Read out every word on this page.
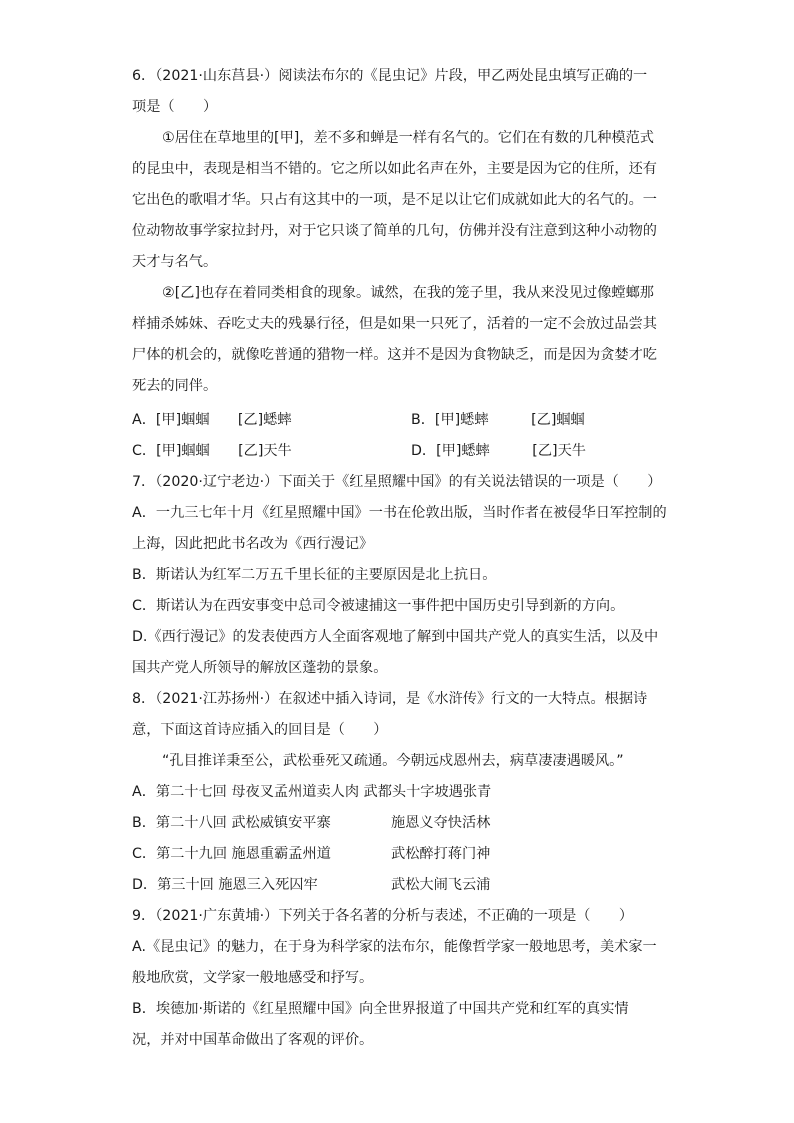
6．（2021·山东莒县·）阅读法布尔的《昆虫记》片段，甲乙两处昆虫填写正确的一
项是（　　）
①居住在草地里的[甲]，差不多和蝉是一样有名气的。它们在有数的几种模范式
的昆虫中，表现是相当不错的。它之所以如此名声在外，主要是因为它的住所，还有
它出色的歌唱才华。只占有这其中的一项，是不足以让它们成就如此大的名气的。一
位动物故事学家拉封丹，对于它只谈了简单的几句，仿佛并没有注意到这种小动物的
天才与名气。
②[乙]也存在着同类相食的现象。诚然，在我的笼子里，我从来没见过像螳螂那
样捕杀姊妹、吞吃丈夫的残暴行径，但是如果一只死了，活着的一定不会放过品尝其
尸体的机会的，就像吃普通的猎物一样。这并不是因为食物缺乏，而是因为贪婪才吃
死去的同伴。
A．[甲]蝈蝈　　[乙]蟋蟀	B．[甲]蟋蟀　　　[乙]蝈蝈
C．[甲]蝈蝈　　[乙]天牛	D．[甲]蟋蟀　　　[乙]天牛
7．（2020·辽宁老边·）下面关于《红星照耀中国》的有关说法错误的一项是（　　）
A．一九三七年十月《红星照耀中国》一书在伦敦出版，当时作者在被侵华日军控制的
上海，因此把此书名改为《西行漫记》
B．斯诺认为红军二万五千里长征的主要原因是北上抗日。
C．斯诺认为在西安事变中总司令被逮捕这一事件把中国历史引导到新的方向。
D.《西行漫记》的发表使西方人全面客观地了解到中国共产党人的真实生活，以及中
国共产党人所领导的解放区蓬勃的景象。
8．（2021·江苏扬州·）在叙述中插入诗词，是《水浒传》行文的一大特点。根据诗
意，下面这首诗应插入的回目是（　　）
“孔目推详秉至公，武松垂死又疏通。今朝远戍恩州去，病草凄凄遇暖风。”
A．第二十七回 母夜叉孟州道卖人肉 武都头十字坡遇张青
B．第二十八回 武松威镇安平寨	施恩义夺快活林
C．第二十九回 施恩重霸孟州道	武松醉打蒋门神
D．第三十回 施恩三入死囚牢	武松大闹飞云浦
9．（2021·广东黄埔·）下列关于各名著的分析与表述，不正确的一项是（　　）
A.《昆虫记》的魅力，在于身为科学家的法布尔，能像哲学家一般地思考，美术家一
般地欣赏，文学家一般地感受和抒写。
B．埃德加·斯诺的《红星照耀中国》向全世界报道了中国共产党和红军的真实情
况，并对中国革命做出了客观的评价。
